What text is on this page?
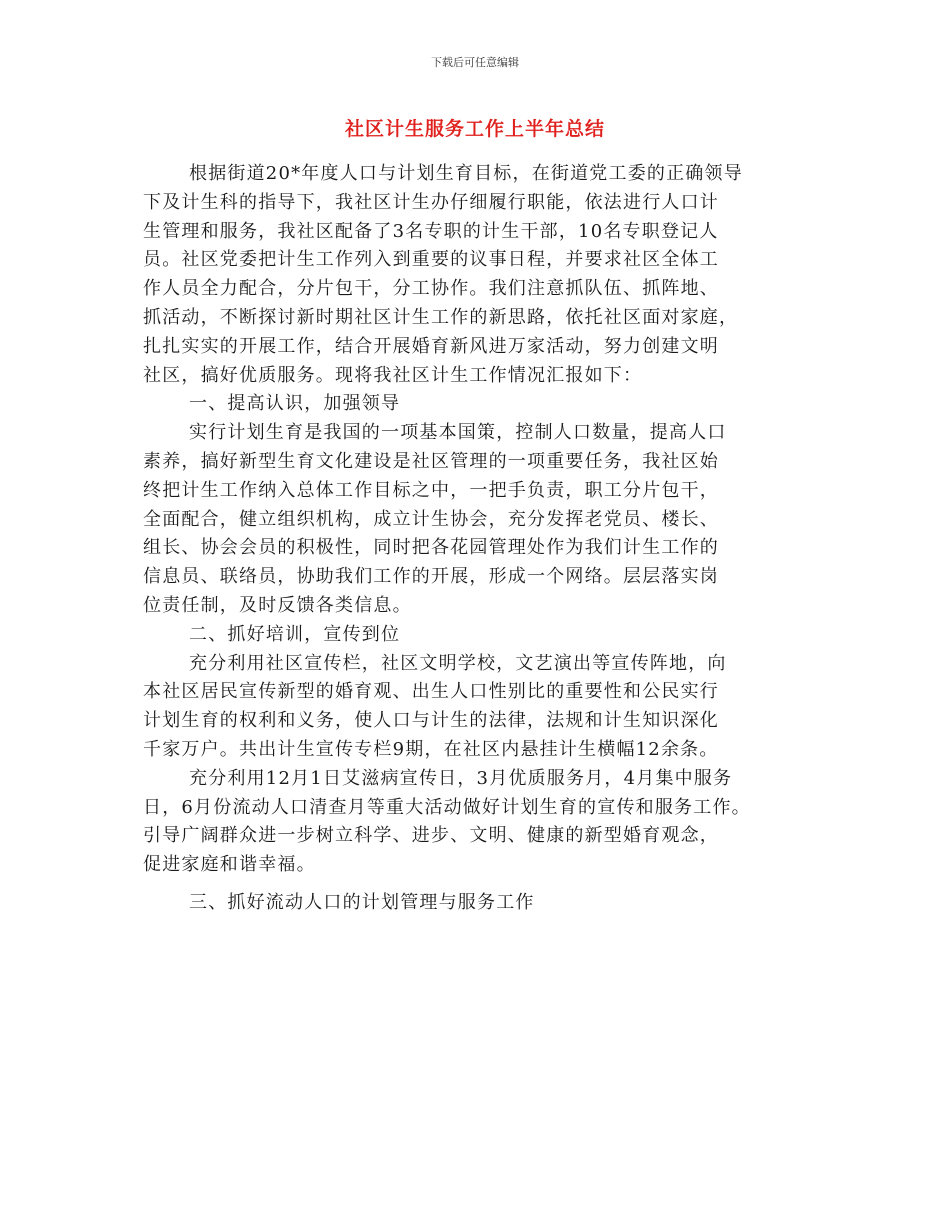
下载后可任意编辑
社区计生服务工作上半年总结
根据街道20*年度人口与计划生育目标，在街道党工委的正确领导
下及计生科的指导下，我社区计生办仔细履行职能，依法进行人口计
生管理和服务，我社区配备了3名专职的计生干部，10名专职登记人
员。社区党委把计生工作列入到重要的议事日程，并要求社区全体工
作人员全力配合，分片包干，分工协作。我们注意抓队伍、抓阵地、
抓活动，不断探讨新时期社区计生工作的新思路，依托社区面对家庭，
扎扎实实的开展工作，结合开展婚育新风进万家活动，努力创建文明
社区，搞好优质服务。现将我社区计生工作情况汇报如下：
一、提高认识，加强领导
实行计划生育是我国的一项基本国策，控制人口数量，提高人口
素养，搞好新型生育文化建设是社区管理的一项重要任务，我社区始
终把计生工作纳入总体工作目标之中，一把手负责，职工分片包干，
全面配合，健立组织机构，成立计生协会，充分发挥老党员、楼长、
组长、协会会员的积极性，同时把各花园管理处作为我们计生工作的
信息员、联络员，协助我们工作的开展，形成一个网络。层层落实岗
位责任制，及时反馈各类信息。
二、抓好培训，宣传到位
充分利用社区宣传栏，社区文明学校，文艺演出等宣传阵地，向
本社区居民宣传新型的婚育观、出生人口性别比的重要性和公民实行
计划生育的权利和义务，使人口与计生的法律，法规和计生知识深化
千家万户。共出计生宣传专栏9期，在社区内悬挂计生横幅12余条。
充分利用12月1日艾滋病宣传日，3月优质服务月，4月集中服务
日，6月份流动人口清查月等重大活动做好计划生育的宣传和服务工作。
引导广阔群众进一步树立科学、进步、文明、健康的新型婚育观念，
促进家庭和谐幸福。
三、抓好流动人口的计划管理与服务工作
